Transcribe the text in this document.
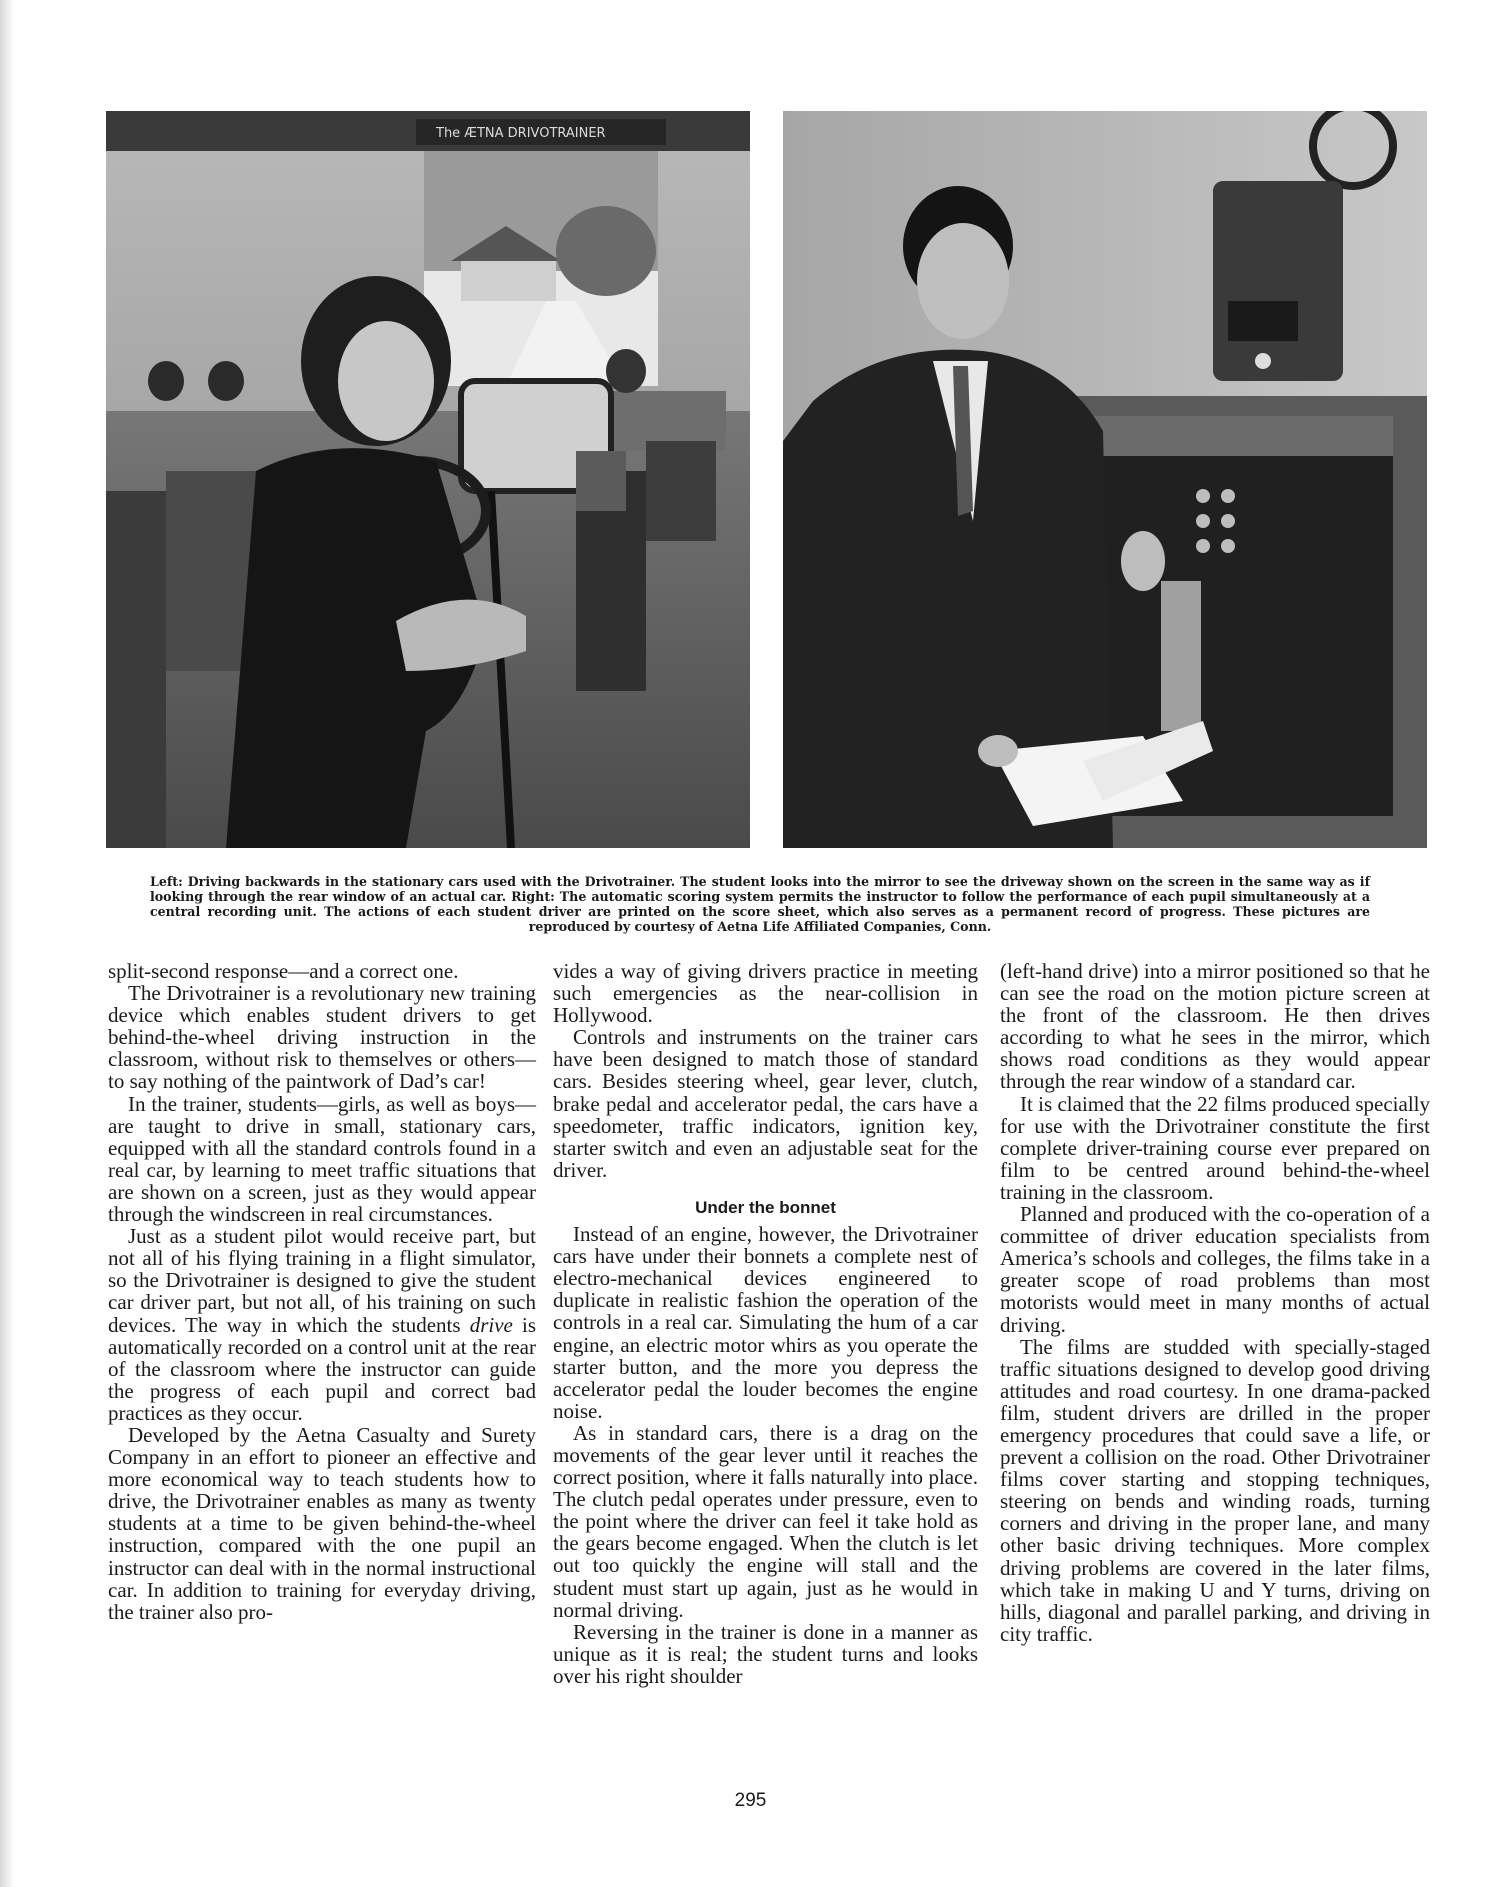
The ÆTNA DRIVOTRAINER
Left: Driving backwards in the stationary cars used with the Drivotrainer. The student looks into the mirror to see the driveway shown on the screen in the same way as if looking through the rear window of an actual car. Right: The automatic scoring system permits the instructor to follow the performance of each pupil simultaneously at a central recording unit. The actions of each student driver are printed on the score sheet, which also serves as a permanent record of progress. These pictures are reproduced by courtesy of Aetna Life Affiliated Companies, Conn.

split-second response—and a correct one.

The Drivotrainer is a revolutionary new training device which enables student drivers to get behind-the-wheel driving instruction in the classroom, without risk to themselves or others—to say nothing of the paintwork of Dad’s car!

In the trainer, students—girls, as well as boys—are taught to drive in small, stationary cars, equipped with all the standard controls found in a real car, by learning to meet traffic situations that are shown on a screen, just as they would appear through the windscreen in real circumstances.

Just as a student pilot would receive part, but not all of his flying training in a flight simulator, so the Drivotrainer is designed to give the student car driver part, but not all, of his training on such devices. The way in which the students drive is automatically recorded on a control unit at the rear of the classroom where the instructor can guide the progress of each pupil and correct bad practices as they occur.

Developed by the Aetna Casualty and Surety Company in an effort to pioneer an effective and more economical way to teach students how to drive, the Drivotrainer enables as many as twenty students at a time to be given behind-the-wheel instruction, compared with the one pupil an instructor can deal with in the normal instructional car. In addition to training for everyday driving, the trainer also pro-

vides a way of giving drivers practice in meeting such emergencies as the near-collision in Hollywood.

Controls and instruments on the trainer cars have been designed to match those of standard cars. Besides steering wheel, gear lever, clutch, brake pedal and accelerator pedal, the cars have a speedometer, traffic indicators, ignition key, starter switch and even an adjustable seat for the driver.

Under the bonnet

Instead of an engine, however, the Drivotrainer cars have under their bonnets a complete nest of electro-mechanical devices engineered to duplicate in realistic fashion the operation of the controls in a real car. Simulating the hum of a car engine, an electric motor whirs as you operate the starter button, and the more you depress the accelerator pedal the louder becomes the engine noise.

As in standard cars, there is a drag on the movements of the gear lever until it reaches the correct position, where it falls naturally into place. The clutch pedal operates under pressure, even to the point where the driver can feel it take hold as the gears become engaged. When the clutch is let out too quickly the engine will stall and the student must start up again, just as he would in normal driving.

Reversing in the trainer is done in a manner as unique as it is real; the student turns and looks over his right shoulder

(left-hand drive) into a mirror positioned so that he can see the road on the motion picture screen at the front of the classroom. He then drives according to what he sees in the mirror, which shows road conditions as they would appear through the rear window of a standard car.

It is claimed that the 22 films produced specially for use with the Drivotrainer constitute the first complete driver-training course ever prepared on film to be centred around behind-the-wheel training in the classroom.

Planned and produced with the co-operation of a committee of driver education specialists from America’s schools and colleges, the films take in a greater scope of road problems than most motorists would meet in many months of actual driving.

The films are studded with specially-staged traffic situations designed to develop good driving attitudes and road courtesy. In one drama-packed film, student drivers are drilled in the proper emergency procedures that could save a life, or prevent a collision on the road. Other Drivotrainer films cover starting and stopping techniques, steering on bends and winding roads, turning corners and driving in the proper lane, and many other basic driving techniques. More complex driving problems are covered in the later films, which take in making U and Y turns, driving on hills, diagonal and parallel parking, and driving in city traffic.

295
